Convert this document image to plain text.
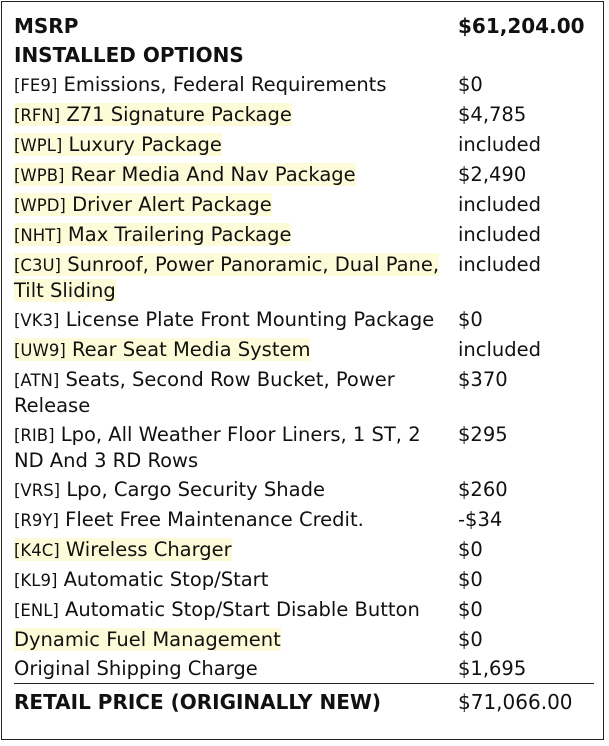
MSRP	$61,204.00
INSTALLED OPTIONS	
[FE9] Emissions, Federal Requirements	$0
[RFN] Z71 Signature Package	$4,785
[WPL] Luxury Package	included
[WPB] Rear Media And Nav Package	$2,490
[WPD] Driver Alert Package	included
[NHT] Max Trailering Package	included
[C3U] Sunroof, Power Panoramic, Dual Pane, Tilt Sliding	included
[VK3] License Plate Front Mounting Package	$0
[UW9] Rear Seat Media System	included
[ATN] Seats, Second Row Bucket, Power Release	$370
[RIB] Lpo, All Weather Floor Liners, 1 ST, 2 ND And 3 RD Rows	$295
[VRS] Lpo, Cargo Security Shade	$260
[R9Y] Fleet Free Maintenance Credit.	-$34
[K4C] Wireless Charger	$0
[KL9] Automatic Stop/Start	$0
[ENL] Automatic Stop/Start Disable Button	$0
Dynamic Fuel Management	$0
Original Shipping Charge	$1,695
RETAIL PRICE (ORIGINALLY NEW)	$71,066.00
